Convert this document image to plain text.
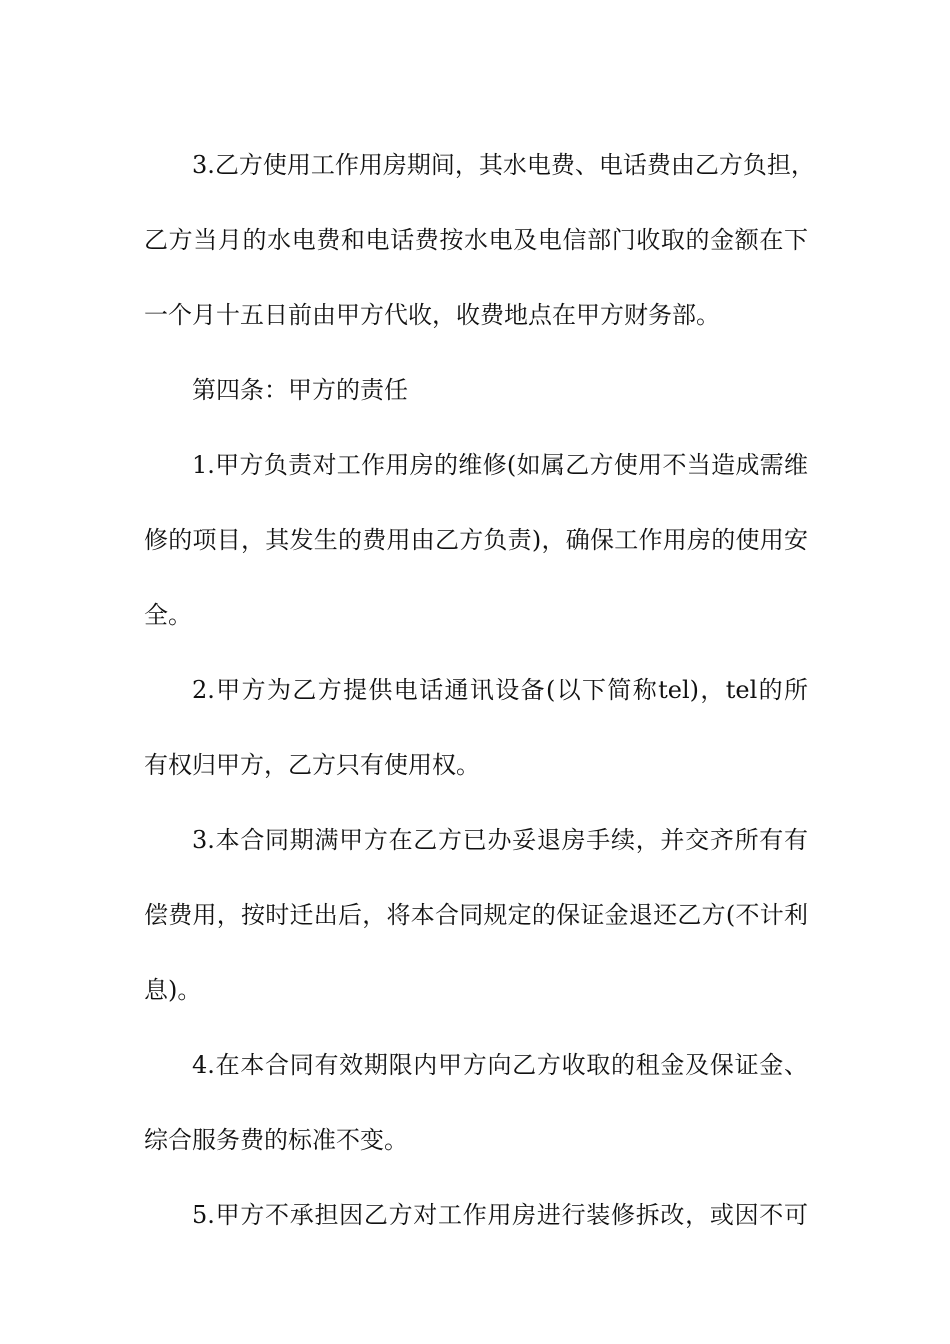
3.乙方使用工作用房期间，其水电费、电话费由乙方负担，
乙方当月的水电费和电话费按水电及电信部门收取的金额在下
一个月十五日前由甲方代收，收费地点在甲方财务部。
第四条：甲方的责任
1.甲方负责对工作用房的维修(如属乙方使用不当造成需维
修的项目，其发生的费用由乙方负责)，确保工作用房的使用安
全。
2.甲方为乙方提供电话通讯设备(以下简称tel)，tel的所
有权归甲方，乙方只有使用权。
3.本合同期满甲方在乙方已办妥退房手续，并交齐所有有
偿费用，按时迁出后，将本合同规定的保证金退还乙方(不计利
息)。
4.在本合同有效期限内甲方向乙方收取的租金及保证金、
综合服务费的标准不变。
5.甲方不承担因乙方对工作用房进行装修拆改，或因不可
